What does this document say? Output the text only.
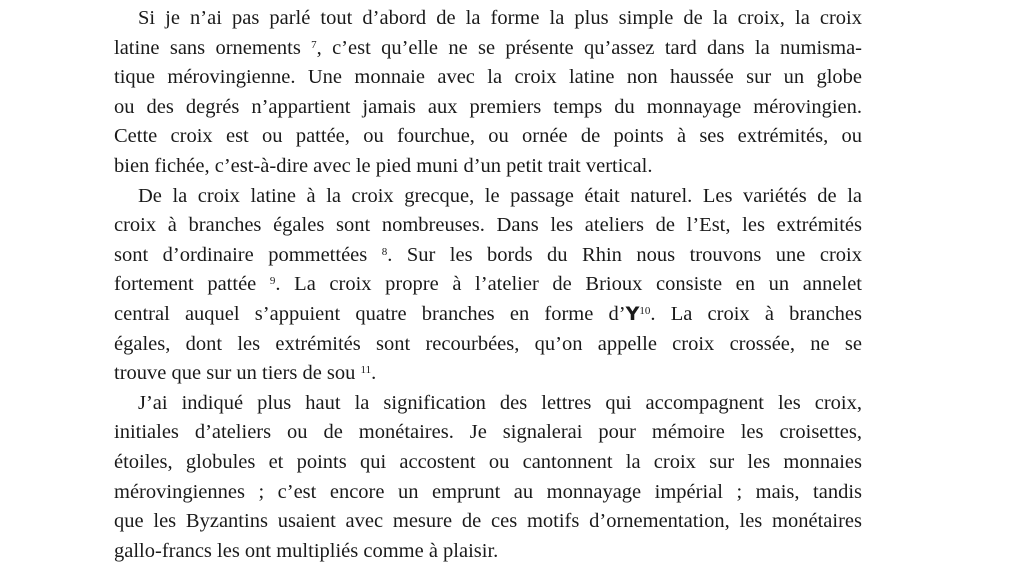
Si je n’ai pas parlé tout d’abord de la forme la plus simple de la croix, la croix
latine sans ornements $^7$, c’est qu’elle ne se présente qu’assez tard dans la numisma-
tique mérovingienne. Une monnaie avec la croix latine non haussée sur un globe
ou des degrés n’appartient jamais aux premiers temps du monnayage mérovingien.
Cette croix est ou pattée, ou fourchue, ou ornée de points à ses extrémités, ou
bien fichée, c’est-à-dire avec le pied muni d’un petit trait vertical.
De la croix latine à la croix grecque, le passage était naturel. Les variétés de la
croix à branches égales sont nombreuses. Dans les ateliers de l’Est, les extrémités
sont d’ordinaire pommettées $^8$. Sur les bords du Rhin nous trouvons une croix
fortement pattée $^9$. La croix propre à l’atelier de Brioux consiste en un annelet
central auquel s’appuient quatre branches en forme $d’Y^{10}$. La croix à branches
égales, dont les extrémités sont recourbées, qu’on appelle croix crossée, ne se
trouve que sur un tiers de sou $^{11}$.
J’ai indiqué plus haut la signification des lettres qui accompagnent les croix,
initiales d’ateliers ou de monétaires. Je signalerai pour mémoire les croisettes,
étoiles, globules et points qui accostent ou cantonnent la croix sur les monnaies
mérovingiennes ; c’est encore un emprunt au monnayage impérial ; mais, tandis
que les Byzantins usaient avec mesure de ces motifs d’ornementation, les monétaires
gallo-francs les ont multipliés comme à plaisir.
